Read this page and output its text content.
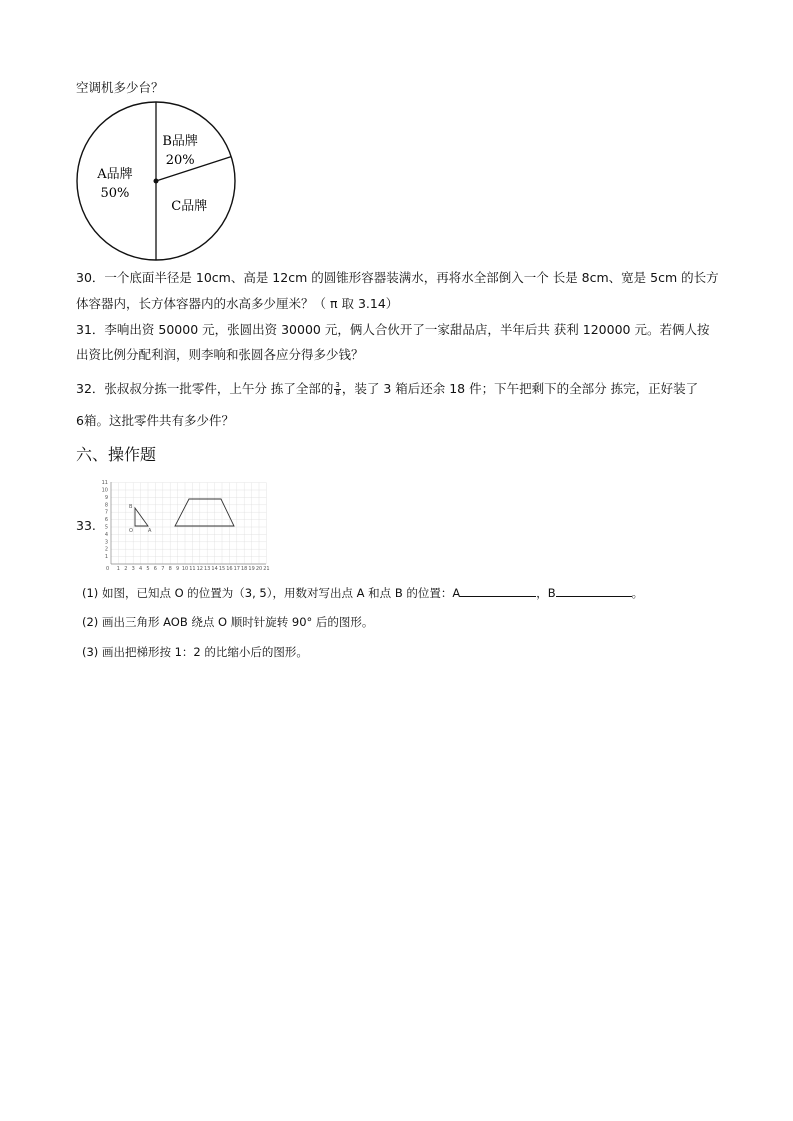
空调机多少台？
B品牌
20%
C品牌
A品牌
50%
30．一个底面半径是 10cm、高是 12cm 的圆锥形容器装满水，再将水全部倒入一个 长是 8cm、宽是 5cm 的长方
体容器内，长方体容器内的水高多少厘米？（ π 取 3.14）
31．李响出资 50000 元，张圆出资 30000 元，俩人合伙开了一家甜品店，半年后共 获利 120000 元。若俩人按
出资比例分配利润，则李响和张圆各应分得多少钱？
32．张叔叔分拣一批零件，上午分 拣了全部的 $\frac{3}{8}$ ，装了 3 箱后还余 18 件；下午把剩下的全部分 拣完，正好装了
6箱。这批零件共有多少件？
六、操作题
33.
1 2 3 4 5 6 7 8 9 10 11 12 13 14 15 16 17 18 19 20 21
1
2
3
4
5
6
7
8
9
10
11
0
B
O	A
(1) 如图，已知点 O 的位置为（3, 5），用数对写出点 A 和点 B 的位置：A	，B	。
(2) 画出三角形 AOB 绕点 O 顺时针旋转 90° 后的图形。
(3) 画出把梯形按 1：2 的比缩小后的图形。
